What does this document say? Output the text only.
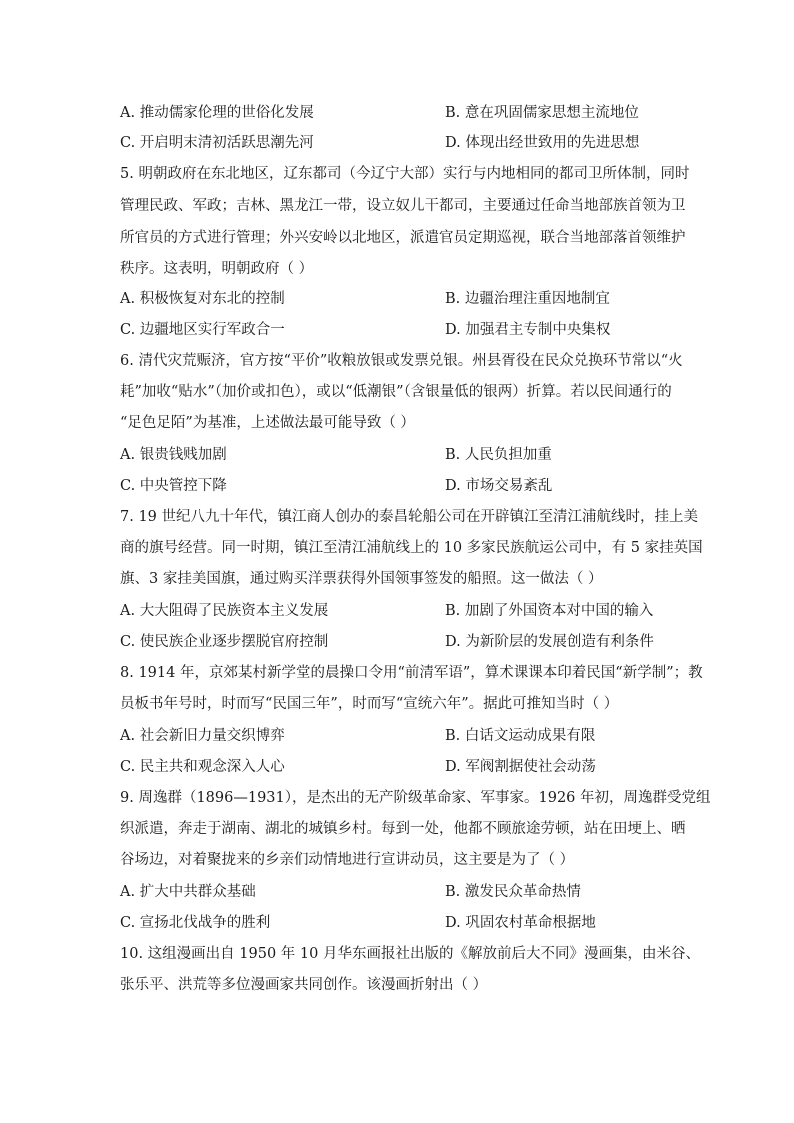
A. 推动儒家伦理的世俗化发展	B. 意在巩固儒家思想主流地位
C. 开启明末清初活跃思潮先河	D. 体现出经世致用的先进思想
5. 明朝政府在东北地区，辽东都司（今辽宁大部）实行与内地相同的都司卫所体制，同时
管理民政、军政；吉林、黑龙江一带，设立奴儿干都司，主要通过任命当地部族首领为卫
所官员的方式进行管理；外兴安岭以北地区，派遣官员定期巡视，联合当地部落首领维护
秩序。这表明，明朝政府（ ）
A. 积极恢复对东北的控制	B. 边疆治理注重因地制宜
C. 边疆地区实行军政合一	D. 加强君主专制中央集权
6. 清代灾荒赈济，官方按“平价”收粮放银或发票兑银。州县胥役在民众兑换环节常以“火
耗”加收“贴水”（加价或扣色），或以“低潮银”（含银量低的银两）折算。若以民间通行的
“足色足陌”为基准，上述做法最可能导致（ ）
A. 银贵钱贱加剧	B. 人民负担加重
C. 中央管控下降	D. 市场交易紊乱
7. 19 世纪八九十年代，镇江商人创办的泰昌轮船公司在开辟镇江至清江浦航线时，挂上美
商的旗号经营。同一时期，镇江至清江浦航线上的 10 多家民族航运公司中，有 5 家挂英国
旗、3 家挂美国旗，通过购买洋票获得外国领事签发的船照。这一做法（ ）
A. 大大阻碍了民族资本主义发展	B. 加剧了外国资本对中国的输入
C. 使民族企业逐步摆脱官府控制	D. 为新阶层的发展创造有利条件
8. 1914 年，京郊某村新学堂的晨操口令用“前清军语”，算术课课本印着民国“新学制”；教
员板书年号时，时而写“民国三年”，时而写“宣统六年”。据此可推知当时（ ）
A. 社会新旧力量交织博弈	B. 白话文运动成果有限
C. 民主共和观念深入人心	D. 军阀割据使社会动荡
9. 周逸群（1896—1931），是杰出的无产阶级革命家、军事家。1926 年初，周逸群受党组
织派遣，奔走于湖南、湖北的城镇乡村。每到一处，他都不顾旅途劳顿，站在田埂上、晒
谷场边，对着聚拢来的乡亲们动情地进行宣讲动员，这主要是为了（ ）
A. 扩大中共群众基础	B. 激发民众革命热情
C. 宣扬北伐战争的胜利	D. 巩固农村革命根据地
10. 这组漫画出自 1950 年 10 月华东画报社出版的《解放前后大不同》漫画集，由米谷、
张乐平、洪荒等多位漫画家共同创作。该漫画折射出（ ）
